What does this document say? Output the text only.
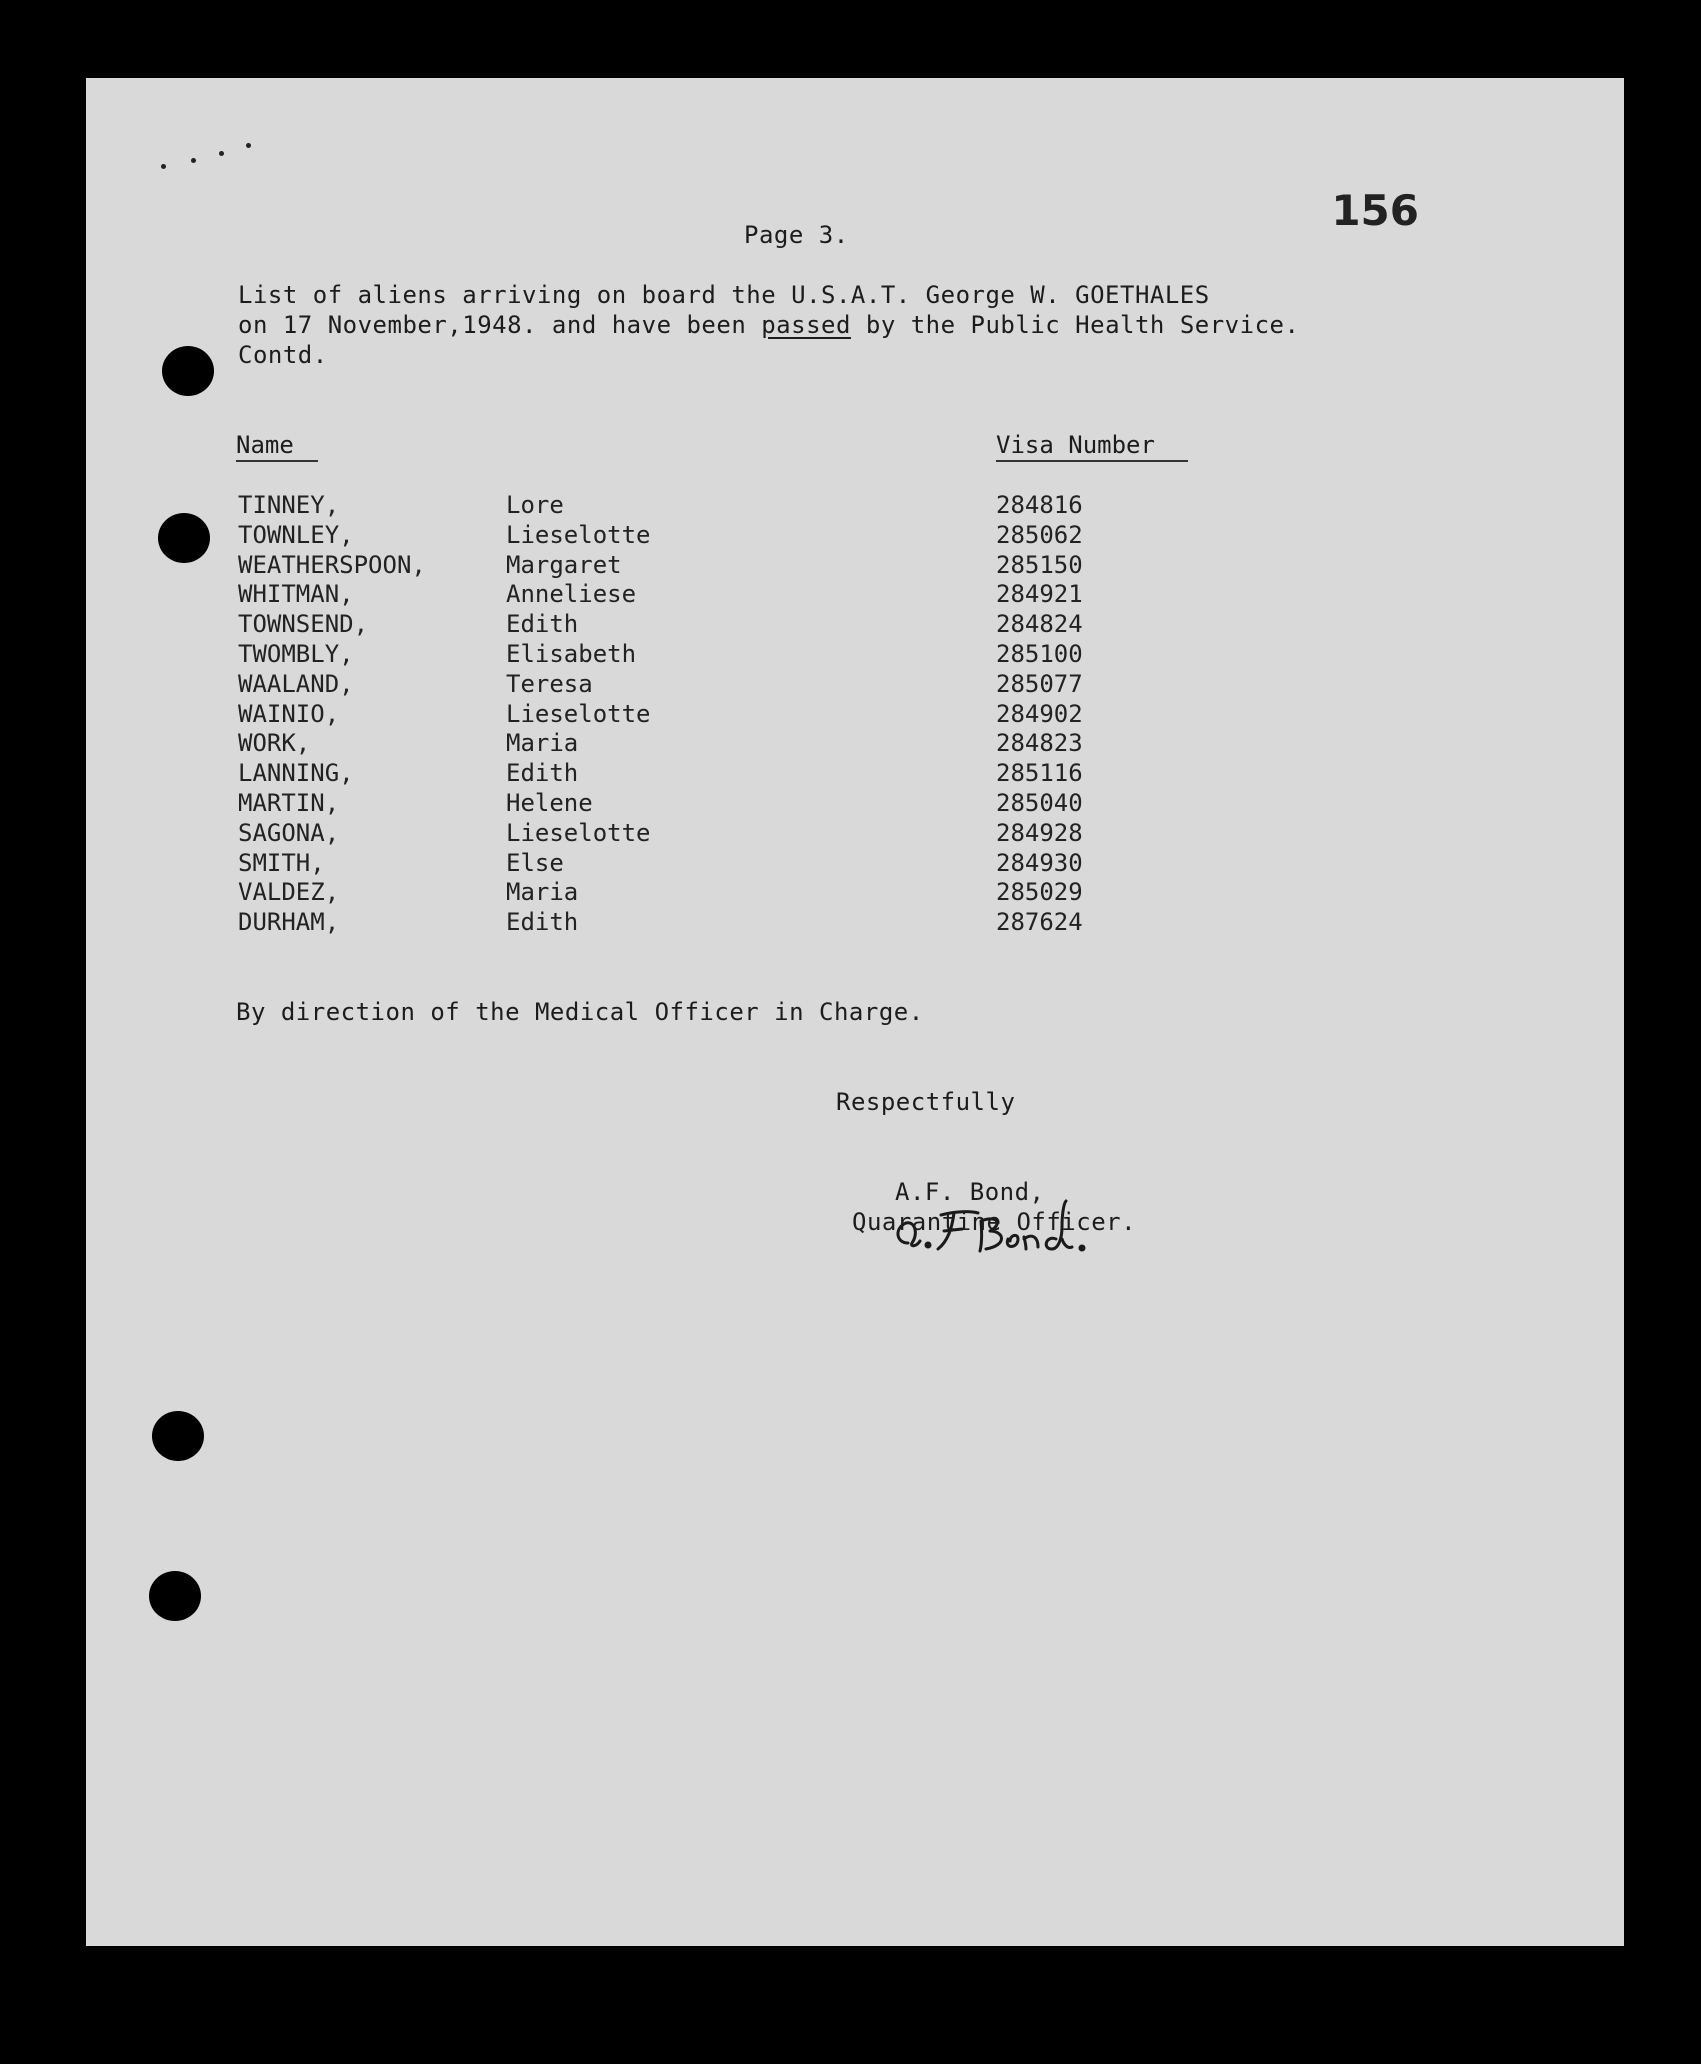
156
Page 3.
List of aliens arriving on board the U.S.A.T. George W. GOETHALES
on 17 November,1948. and have been passed by the Public Health Service.
Contd.
Name	Visa Number
TINNEY,	Lore	284816
TOWNLEY,	Lieselotte	285062
WEATHERSPOON,	Margaret	285150
WHITMAN,	Anneliese	284921
TOWNSEND,	Edith	284824
TWOMBLY,	Elisabeth	285100
WAALAND,	Teresa	285077
WAINIO,	Lieselotte	284902
WORK,	Maria	284823
LANNING,	Edith	285116
MARTIN,	Helene	285040
SAGONA,	Lieselotte	284928
SMITH,	Else	284930
VALDEZ,	Maria	285029
DURHAM,	Edith	287624
By direction of the Medical Officer in Charge.
Respectfully
A.F. Bond,
Quarantine Officer.
